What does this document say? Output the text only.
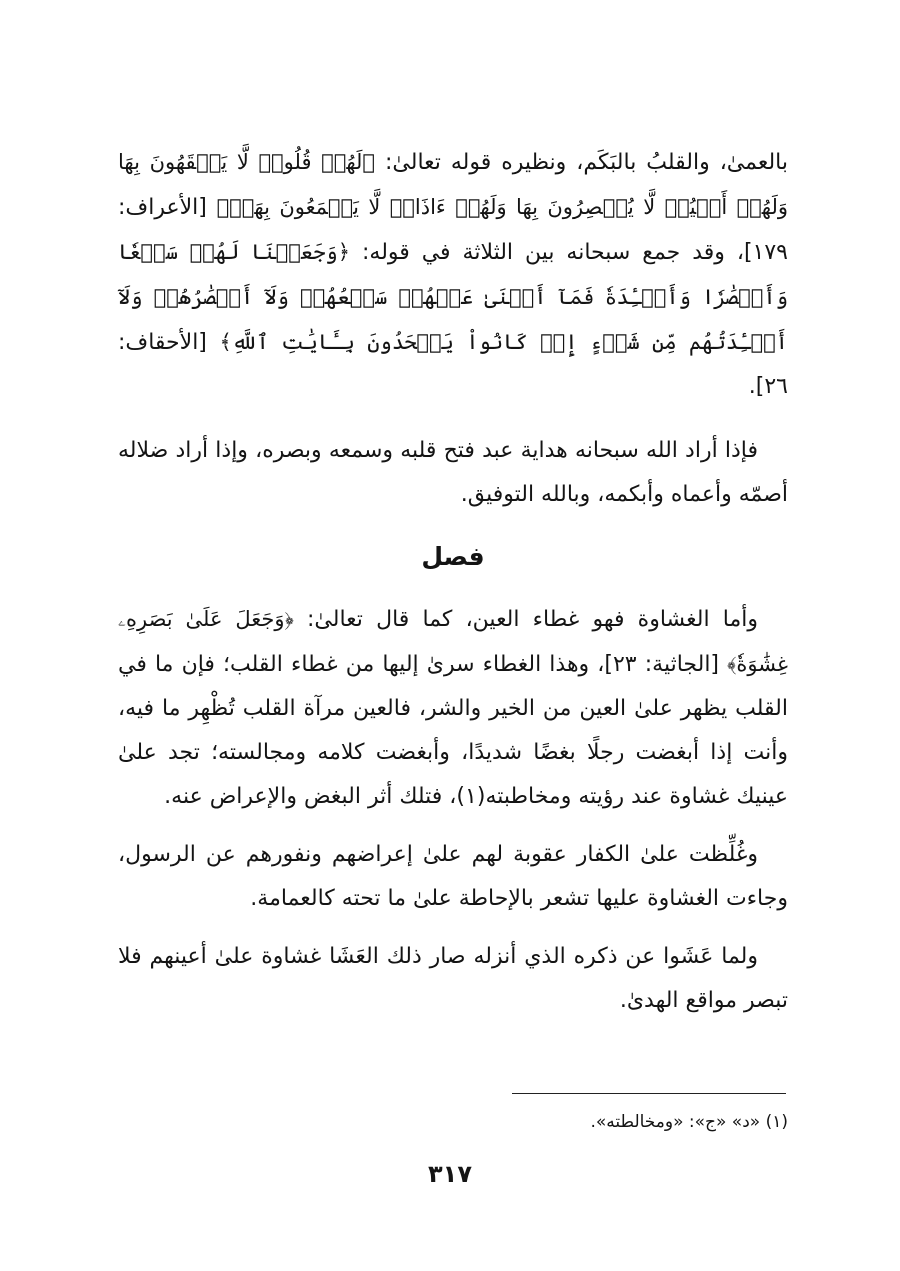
بالعمىٰ، والقلبُ بالبَكَم، ونظيره قوله تعالىٰ: ﴿لَهُمۡ قُلُوبٞ لَّا يَفۡقَهُونَ بِهَا وَلَهُمۡ أَعۡيُنٞ لَّا يُبۡصِرُونَ بِهَا وَلَهُمۡ ءَاذَانٞ لَّا يَسۡمَعُونَ بِهَآۚ﴾ [الأعراف: ١٧٩]، وقد جمع سبحانه بين الثلاثة في قوله: ﴿وَجَعَلۡنَا لَهُمۡ سَمۡعٗا وَأَبۡصَٰرٗا وَأَفۡـِٔدَةٗ فَمَآ أَغۡنَىٰ عَنۡهُمۡ سَمۡعُهُمۡ وَلَآ أَبۡصَٰرُهُمۡ وَلَآ أَفۡـِٔدَتُهُم مِّن شَيۡءٍ إِذۡ كَانُواْ يَجۡحَدُونَ بِـَٔايَٰتِ ٱللَّهِ﴾ [الأحقاف: ٢٦].

فإذا أراد الله سبحانه هداية عبد فتح قلبه وسمعه وبصره، وإذا أراد ضلاله أصمّه وأعماه وأبكمه، وبالله التوفيق.

فصل

وأما الغشاوة فهو غطاء العين، كما قال تعالىٰ: ﴿وَجَعَلَ عَلَىٰ بَصَرِهِۦ غِشَٰوَةٗ﴾ [الجاثية: ٢٣]، وهذا الغطاء سرىٰ إليها من غطاء القلب؛ فإن ما في القلب يظهر علىٰ العين من الخير والشر، فالعين مرآة القلب تُظْهِر ما فيه، وأنت إذا أبغضت رجلًا بغضًا شديدًا، وأبغضت كلامه ومجالسته؛ تجد علىٰ عينيك غشاوة عند رؤيته ومخاطبته(١)، فتلك أثر البغض والإعراض عنه.

وغُلِّظت علىٰ الكفار عقوبة لهم علىٰ إعراضهم ونفورهم عن الرسول، وجاءت الغشاوة عليها تشعر بالإحاطة علىٰ ما تحته كالعمامة.

ولما عَشَوا عن ذكره الذي أنزله صار ذلك العَشَا غشاوة علىٰ أعينهم فلا تبصر مواقع الهدىٰ.

(١) «د» «ج»: «ومخالطته».

٣١٧
